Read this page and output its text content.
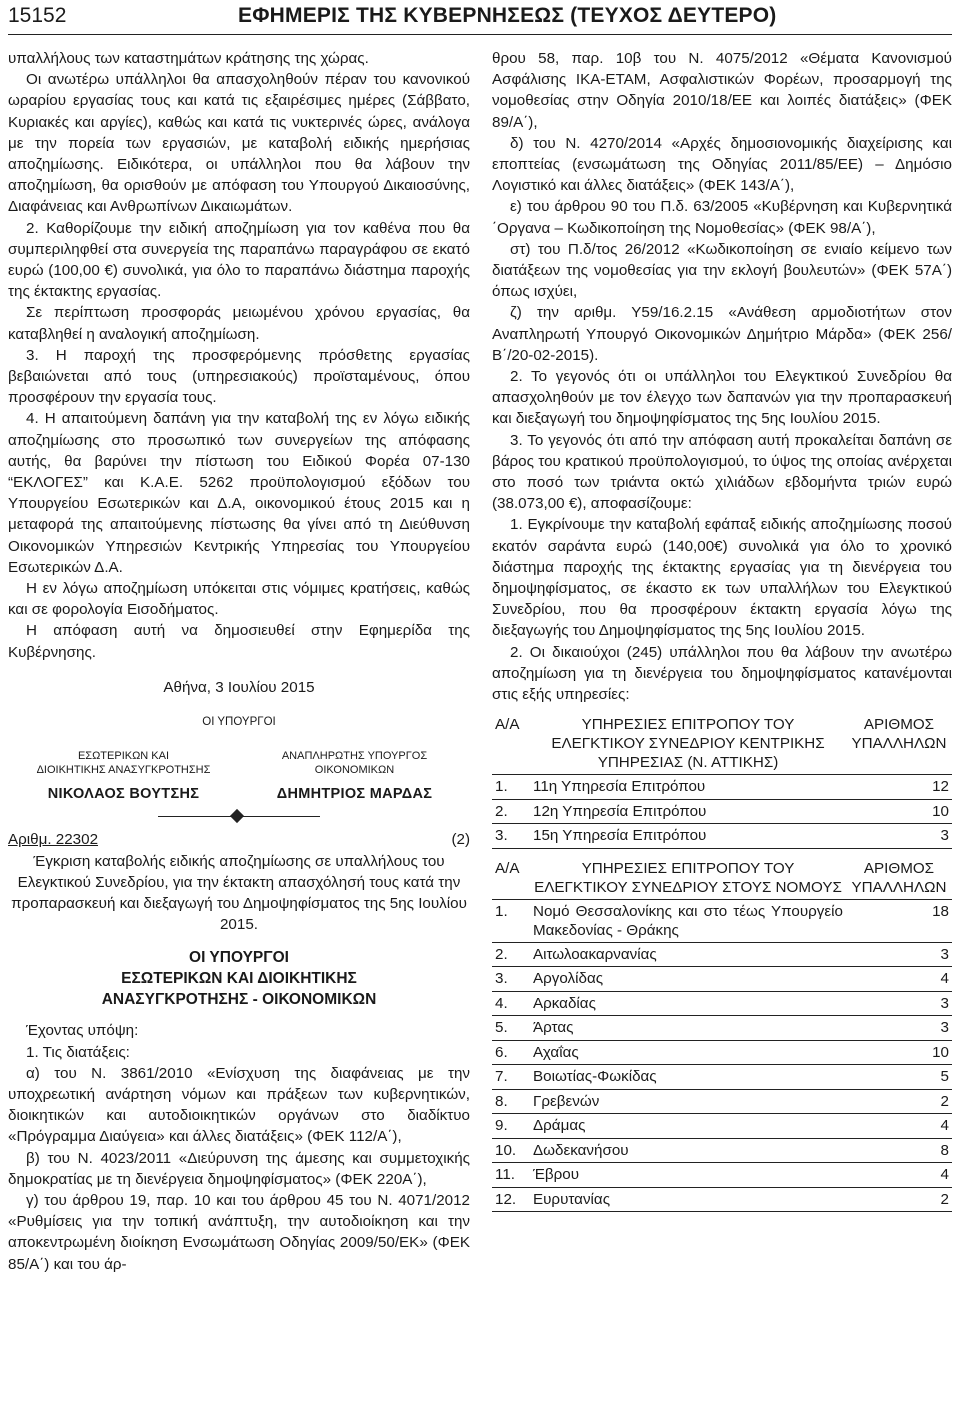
15152	ΕΦΗΜΕΡΙΣ ΤΗΣ ΚΥΒΕΡΝΗΣΕΩΣ (ΤΕΥΧΟΣ ΔΕΥΤΕΡΟ)

υπαλλήλους των καταστημάτων κράτησης της χώρας.

Οι ανωτέρω υπάλληλοι θα απασχοληθούν πέραν του κανονικού ωραρίου εργασίας τους και κατά τις εξαιρέσιμες ημέρες (Σάββατο, Κυριακές και αργίες), καθώς και κατά τις νυκτερινές ώρες, ανάλογα με την πορεία των εργασιών, με καταβολή ειδικής ημερήσιας αποζημίωσης. Ειδικότερα, οι υπάλληλοι που θα λάβουν την αποζημίωση, θα ορισθούν με απόφαση του Υπουργού Δικαιοσύνης, Διαφάνειας και Ανθρωπίνων Δικαιωμάτων.

2. Καθορίζουμε την ειδική αποζημίωση για τον καθένα που θα συμπεριληφθεί στα συνεργεία της παραπάνω παραγράφου σε εκατό ευρώ (100,00 €) συνολικά, για όλο το παραπάνω διάστημα παροχής της έκτακτης εργασίας.

Σε περίπτωση προσφοράς μειωμένου χρόνου εργασίας, θα καταβληθεί η αναλογική αποζημίωση.

3. Η παροχή της προσφερόμενης πρόσθετης εργασίας βεβαιώνεται από τους (υπηρεσιακούς) προϊσταμένους, όπου προσφέρουν την εργασία τους.

4. Η απαιτούμενη δαπάνη για την καταβολή της εν λόγω ειδικής αποζημίωσης στο προσωπικό των συνεργείων της απόφασης αυτής, θα βαρύνει την πίστωση του Ειδικού Φορέα 07-130 “ΕΚΛΟΓΕΣ” και Κ.Α.Ε. 5262 προϋπολογισμού εξόδων του Υπουργείου Εσωτερικών και Δ.Α, οικονομικού έτους 2015 και η μεταφορά της απαιτούμενης πίστωσης θα γίνει από τη Διεύθυνση Οικονομικών Υπηρεσιών Κεντρικής Υπηρεσίας του Υπουργείου Εσωτερικών Δ.Α.

Η εν λόγω αποζημίωση υπόκειται στις νόμιμες κρατήσεις, καθώς και σε φορολογία Εισοδήματος.

Η απόφαση αυτή να δημοσιευθεί στην Εφημερίδα της Κυβέρνησης.

Αθήνα, 3 Ιουλίου 2015
ΟΙ ΥΠΟΥΡΓΟΙ
ΕΣΩΤΕΡΙΚΩΝ ΚΑΙ
ΔΙΟΙΚΗΤΙΚΗΣ ΑΝΑΣΥΓΚΡΟΤΗΣΗΣ
ΝΙΚΟΛΑΟΣ ΒΟΥΤΣΗΣ
ΑΝΑΠΛΗΡΩΤΗΣ ΥΠΟΥΡΓΟΣ
ΟΙΚΟΝΟΜΙΚΩΝ
ΔΗΜΗΤΡΙΟΣ ΜΑΡΔΑΣ
Αριθμ. 22302	(2)

Έγκριση καταβολής ειδικής αποζημίωσης σε υπαλλήλους του Ελεγκτικού Συνεδρίου, για την έκτακτη απασχόλησή τους κατά την προπαρασκευή και διεξαγωγή του Δημοψηφίσματος της 5ης Ιουλίου 2015.

ΟΙ ΥΠΟΥΡΓΟΙ
ΕΣΩΤΕΡΙΚΩΝ ΚΑΙ ΔΙΟΙΚΗΤΙΚΗΣ
ΑΝΑΣΥΓΚΡΟΤΗΣΗΣ - ΟΙΚΟΝΟΜΙΚΩΝ

Έχοντας υπόψη:

1. Τις διατάξεις:

α) του Ν. 3861/2010 «Ενίσχυση της διαφάνειας με την υποχρεωτική ανάρτηση νόμων και πράξεων των κυβερνητικών, διοικητικών και αυτοδιοικητικών οργάνων στο διαδίκτυο «Πρόγραμμα Διαύγεια» και άλλες διατάξεις» (ΦΕΚ 112/Α΄),

β) του Ν. 4023/2011 «Διεύρυνση της άμεσης και συμμετοχικής δημοκρατίας με τη διενέργεια δημοψηφίσματος» (ΦΕΚ 220Α΄),

γ) του άρθρου 19, παρ. 10 και του άρθρου 45 του Ν. 4071/2012 «Ρυθμίσεις για την τοπική ανάπτυξη, την αυτοδιοίκηση και την αποκεντρωμένη διοίκηση Ενσωμάτωση Οδηγίας 2009/50/ΕΚ» (ΦΕΚ 85/Α΄) και του άρ-

θρου 58, παρ. 10β του Ν. 4075/2012 «Θέματα Κανονισμού Ασφάλισης ΙΚΑ-ΕΤΑΜ, Ασφαλιστικών Φορέων, προσαρμογή της νομοθεσίας στην Οδηγία 2010/18/ΕΕ και λοιπές διατάξεις» (ΦΕΚ 89/Α΄),

δ) του Ν. 4270/2014 «Αρχές δημοσιονομικής διαχείρισης και εποπτείας (ενσωμάτωση της Οδηγίας 2011/85/ΕΕ) – Δημόσιο Λογιστικό και άλλες διατάξεις» (ΦΕΚ 143/Α΄),

ε) του άρθρου 90 του Π.δ. 63/2005 «Κυβέρνηση και Κυβερνητικά ΄Οργανα – Κωδικοποίηση της Νομοθεσίας» (ΦΕΚ 98/Α΄),

στ) του Π.δ/τος 26/2012 «Κωδικοποίηση σε ενιαίο κείμενο των διατάξεων της νομοθεσίας για την εκλογή βουλευτών» (ΦΕΚ 57Α΄) όπως ισχύει,

ζ) την αριθμ. Υ59/16.2.15 «Ανάθεση αρμοδιοτήτων στον Αναπληρωτή Υπουργό Οικονομικών Δημήτριο Μάρδα» (ΦΕΚ 256/Β΄/20-02-2015).

2. Το γεγονός ότι οι υπάλληλοι του Ελεγκτικού Συνεδρίου θα απασχοληθούν με τον έλεγχο των δαπανών για την προπαρασκευή και διεξαγωγή του δημοψηφίσματος της 5ης Ιουλίου 2015.

3. Το γεγονός ότι από την απόφαση αυτή προκαλείται δαπάνη σε βάρος του κρατικού προϋπολογισμού, το ύψος της οποίας ανέρχεται στο ποσό των τριάντα οκτώ χιλιάδων εβδομήντα τριών ευρώ (38.073,00 €), αποφασίζουμε:

1. Εγκρίνουμε την καταβολή εφάπαξ ειδικής αποζημίωσης ποσού εκατόν σαράντα ευρώ (140,00€) συνολικά για όλο το χρονικό διάστημα παροχής της έκτακτης εργασίας για τη διενέργεια του δημοψηφίσματος, σε έκαστο εκ των υπαλλήλων του Ελεγκτικού Συνεδρίου, που θα προσφέρουν έκτακτη εργασία λόγω της διεξαγωγής του Δημοψηφίσματος της 5ης Ιουλίου 2015.

2. Οι δικαιούχοι (245) υπάλληλοι που θα λάβουν την ανωτέρω αποζημίωση για τη διενέργεια του δημοψηφίσματος κατανέμονται στις εξής υπηρεσίες:

Α/Α	ΥΠΗΡΕΣΙΕΣ ΕΠΙΤΡΟΠΟΥ ΤΟΥ ΕΛΕΓΚΤΙΚΟΥ ΣΥΝΕΔΡΙΟΥ ΚΕΝΤΡΙΚΗΣ ΥΠΗΡΕΣΙΑΣ (Ν. ΑΤΤΙΚΗΣ)	ΑΡΙΘΜΟΣ ΥΠΑΛΛΗΛΩΝ
1.	11η Υπηρεσία Επιτρόπου	12
2.	12η Υπηρεσία Επιτρόπου	10
3.	15η Υπηρεσία Επιτρόπου	3
Α/Α	ΥΠΗΡΕΣΙΕΣ ΕΠΙΤΡΟΠΟΥ ΤΟΥ ΕΛΕΓΚΤΙΚΟΥ ΣΥΝΕΔΡΙΟΥ ΣΤΟΥΣ ΝΟΜΟΥΣ	ΑΡΙΘΜΟΣ ΥΠΑΛΛΗΛΩΝ
1.	Νομό Θεσσαλονίκης και στο τέως Υπουργείο Μακεδονίας - Θράκης	18
2.	Αιτωλοακαρνανίας	3
3.	Αργολίδας	4
4.	Αρκαδίας	3
5.	Άρτας	3
6.	Αχαΐας	10
7.	Βοιωτίας-Φωκίδας	5
8.	Γρεβενών	2
9.	Δράμας	4
10.	Δωδεκανήσου	8
11.	Έβρου	4
12.	Ευρυτανίας	2
